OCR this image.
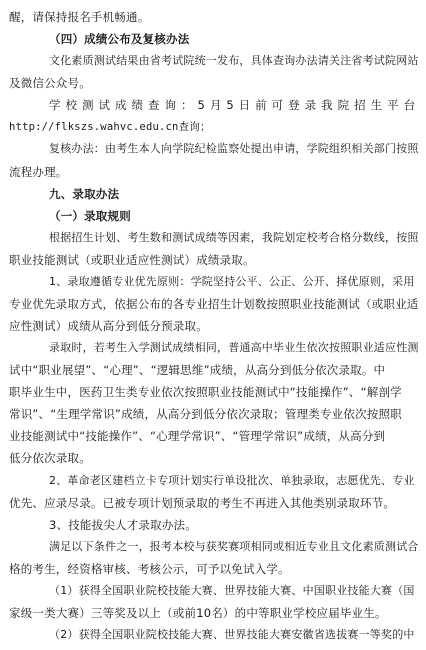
醒，请保持报名手机畅通。
（四）成绩公布及复核办法
文化素质测试结果由省考试院统一发布，具体查询办法请关注省考试院网站
及微信公众号。
学校测试成绩查询：5月5日前可登录我院招生平台
http://flkszs.wahvc.edu.cn查询；
复核办法：由考生本人向学院纪检监察处提出申请，学院组织相关部门按照
流程办理。
九、录取办法
（一）录取规则
根据招生计划、考生数和测试成绩等因素，我院划定校考合格分数线，按照
职业技能测试（或职业适应性测试）成绩录取。
1、录取遵循专业优先原则：学院坚持公平、公正、公开、择优原则，采用
专业优先录取方式，依据公布的各专业招生计划数按照职业技能测试（或职业适
应性测试）成绩从高分到低分预录取。
录取时，若考生入学测试成绩相同，普通高中毕业生依次按照职业适应性测
试中“职业展望”、“心理”、“逻辑思维”成绩，从高分到低分依次录取。中
职毕业生中，医药卫生类专业依次按照职业技能测试中“技能操作”、“解剖学
常识”、“生理学常识”成绩，从高分到低分依次录取；管理类专业依次按照职
业技能测试中“技能操作”、“心理学常识”、“管理学常识”成绩，从高分到
低分依次录取。
2、革命老区建档立卡专项计划实行单设批次、单独录取，志愿优先、专业
优先、应录尽录。已被专项计划预录取的考生不再进入其他类别录取环节。
3、技能拔尖人才录取办法。
满足以下条件之一，报考本校与获奖赛项相同或相近专业且文化素质测试合
格的考生，经资格审核、考核公示，可予以免试入学。
（1）获得全国职业院校技能大赛、世界技能大赛、中国职业技能大赛（国
家级一类大赛）三等奖及以上（或前10名）的中等职业学校应届毕业生。
（2）获得全国职业院校技能大赛、世界技能大赛安徽省选拔赛一等奖的中
